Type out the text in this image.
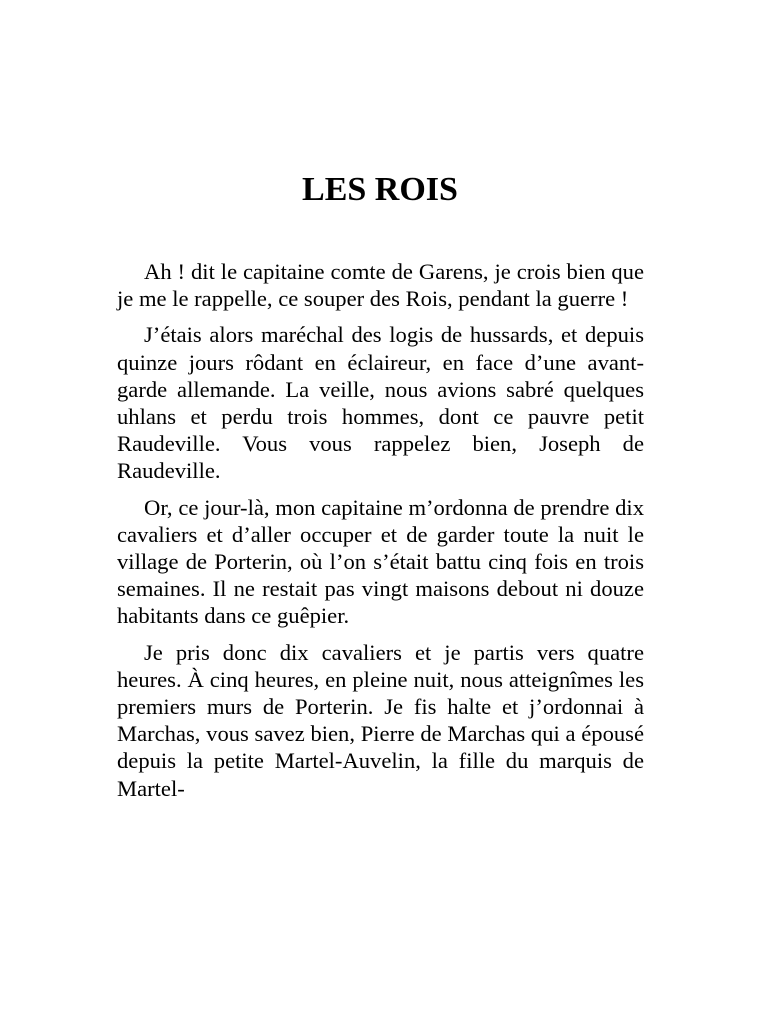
LES ROIS

Ah ! dit le capitaine comte de Garens, je crois bien que je me le rappelle, ce souper des Rois, pendant la guerre !

J’étais alors maréchal des logis de hussards, et depuis quinze jours rôdant en éclaireur, en face d’une avant-garde allemande. La veille, nous avions sabré quelques uhlans et perdu trois hommes, dont ce pauvre petit Raudeville. Vous vous rappelez bien, Joseph de Raudeville.

Or, ce jour-là, mon capitaine m’ordonna de prendre dix cavaliers et d’aller occuper et de garder toute la nuit le village de Porterin, où l’on s’était battu cinq fois en trois semaines. Il ne restait pas vingt maisons debout ni douze habitants dans ce guêpier.

Je pris donc dix cavaliers et je partis vers quatre heures. À cinq heures, en pleine nuit, nous atteignîmes les premiers murs de Porterin. Je fis halte et j’ordonnai à Marchas, vous savez bien, Pierre de Marchas qui a épousé depuis la petite Martel-Auvelin, la fille du marquis de Martel-
